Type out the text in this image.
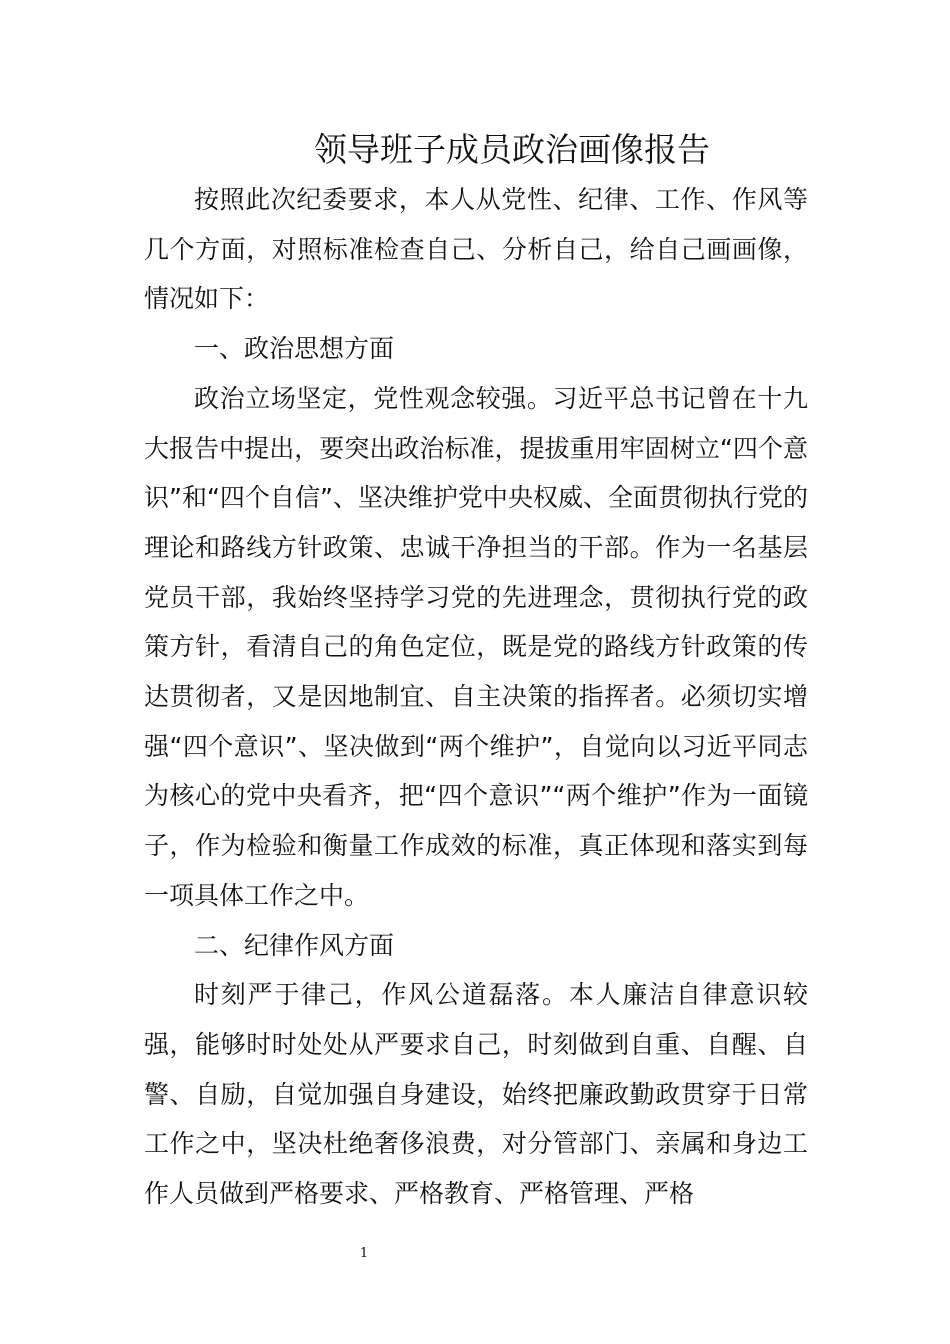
领导班子成员政治画像报告

按照此次纪委要求，本人从党性、纪律、工作、作风等几个方面，对照标准检查自己、分析自己，给自己画画像，情况如下：

一、政治思想方面

政治立场坚定，党性观念较强。习近平总书记曾在十九大报告中提出，要突出政治标准，提拔重用牢固树立“四个意识”和“四个自信”、坚决维护党中央权威、全面贯彻执行党的理论和路线方针政策、忠诚干净担当的干部。作为一名基层党员干部，我始终坚持学习党的先进理念，贯彻执行党的政策方针，看清自己的角色定位，既是党的路线方针政策的传达贯彻者，又是因地制宜、自主决策的指挥者。必须切实增强“四个意识”、坚决做到“两个维护”，自觉向以习近平同志为核心的党中央看齐，把“四个意识”“两个维护”作为一面镜子，作为检验和衡量工作成效的标准，真正体现和落实到每一项具体工作之中。

二、纪律作风方面

时刻严于律己，作风公道磊落。本人廉洁自律意识较强，能够时时处处从严要求自己，时刻做到自重、自醒、自警、自励，自觉加强自身建设，始终把廉政勤政贯穿于日常工作之中，坚决杜绝奢侈浪费，对分管部门、亲属和身边工作人员做到严格要求、严格教育、严格管理、严格

1
